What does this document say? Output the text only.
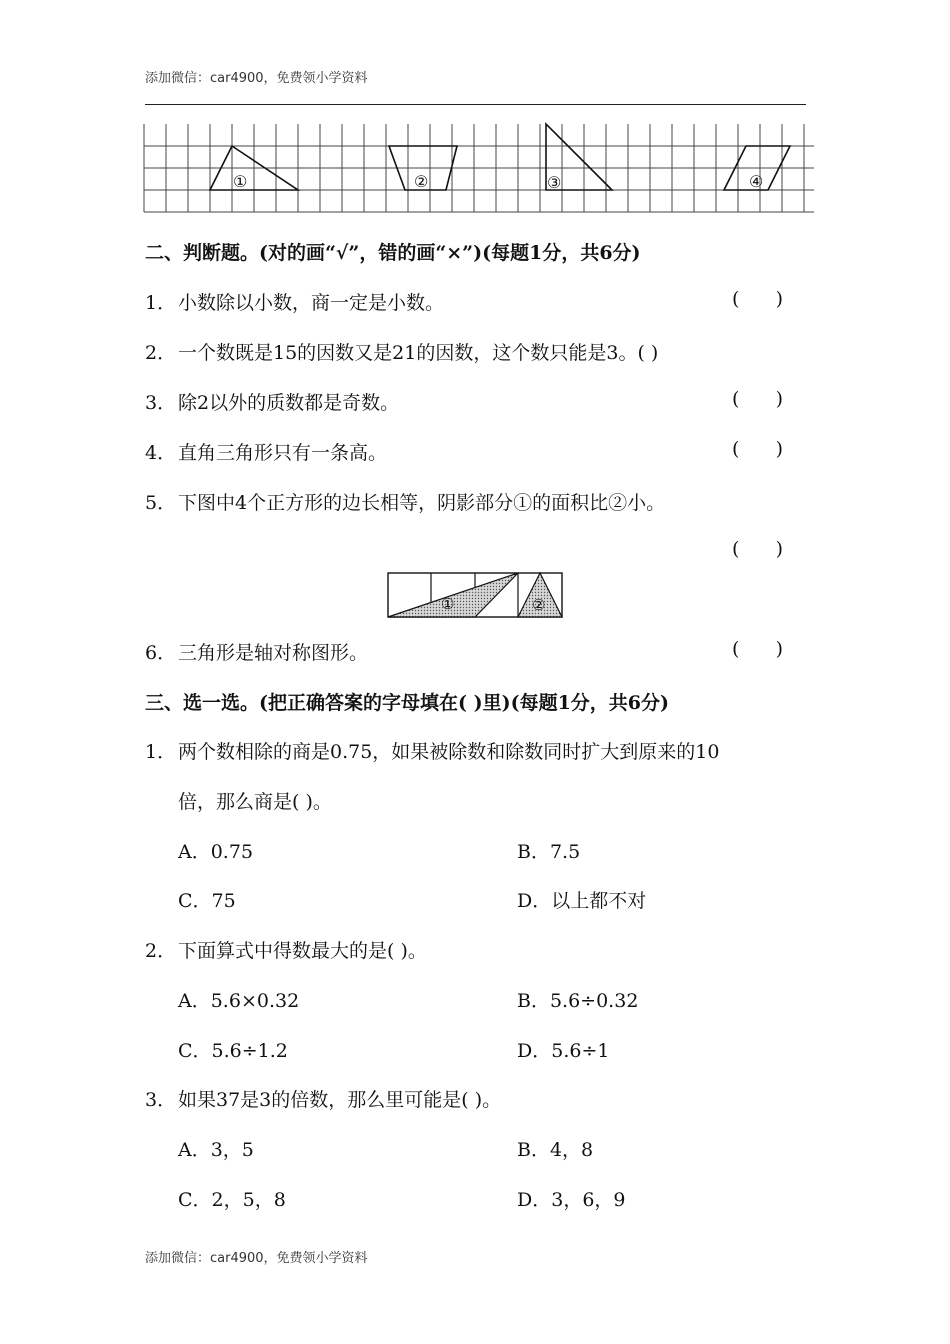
添加微信：car4900，免费领小学资料
①	②	③	④
二、判断题。(对的画“√”，错的画“×”)(每题1分，共6分)
1． 小数除以小数，商一定是小数。	(      )
2． 一个数既是15的因数又是21的因数，这个数只能是3。( )
3． 除2以外的质数都是奇数。	(      )
4． 直角三角形只有一条高。	(      )
5． 下图中4个正方形的边长相等，阴影部分①的面积比②小。
(      )
①	②
6． 三角形是轴对称图形。	(      )
三、选一选。(把正确答案的字母填在( )里)(每题1分，共6分)
1． 两个数相除的商是0.75，如果被除数和除数同时扩大到原来的10
倍，那么商是( )。
A．0.75	B．7.5
C．75	D．以上都不对
2． 下面算式中得数最大的是( )。
A．5.6×0.32	B．5.6÷0.32
C．5.6÷1.2	D．5.6÷1
3． 如果37是3的倍数，那么里可能是( )。
A．3，5	B．4，8
C．2，5，8	D．3，6，9
添加微信：car4900，免费领小学资料
